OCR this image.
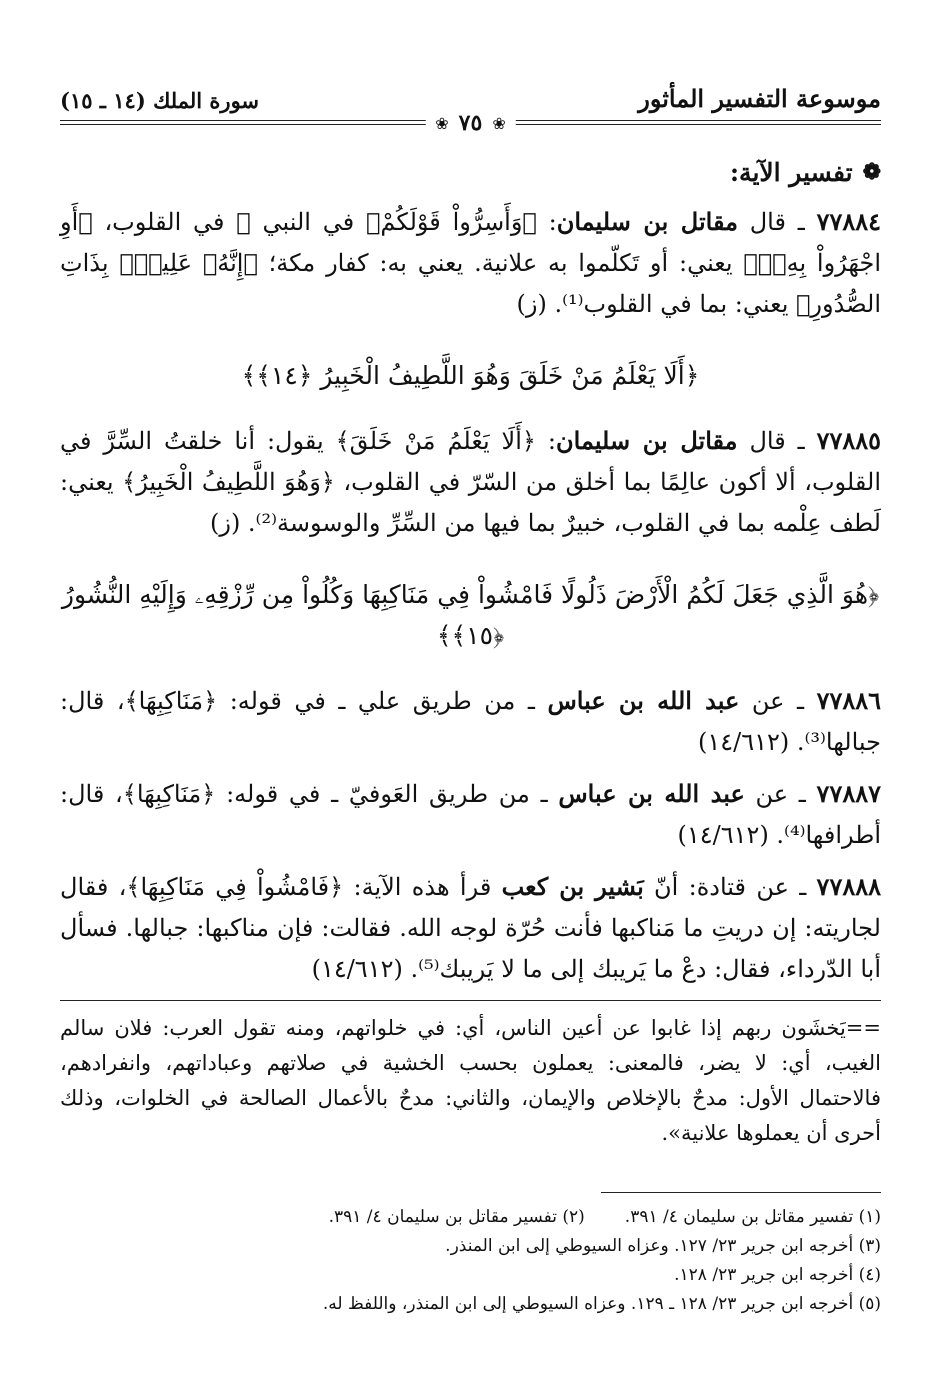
موسوعة التفسير المأثور
سورة الملك (١٤ ـ ١٥)
❀ ٧٥ ❀
❁
تفسير الآية:

٧٧٨٨٤ ـ قال مقاتل بن سليمان: ﴿وَأَسِرُّواْ قَوْلَكُمْ﴾ في النبي ﷺ في القلوب، ﴿أَوِ اجْهَرُواْ بِهِۦٓ﴾ يعني: أو تَكلّموا به علانية. يعني به: كفار مكة؛ ﴿إِنَّهُۥ عَلِيمُۢ بِذَاتِ الصُّدُورِ﴾ يعني: بما في القلوب⁽¹⁾. (ز)

﴿أَلَا يَعْلَمُ مَنْ خَلَقَ وَهُوَ اللَّطِيفُ الْخَبِيرُ ﴿١٤﴾﴾

٧٧٨٨٥ ـ قال مقاتل بن سليمان: ﴿أَلَا يَعْلَمُ مَنْ خَلَقَ﴾ يقول: أنا خلقتُ السِّرَّ في القلوب، ألا أكون عالِمًا بما أخلق من السّرّ في القلوب، ﴿وَهُوَ اللَّطِيفُ الْخَبِيرُ﴾ يعني: لَطف عِلْمه بما في القلوب، خبيرٌ بما فيها من السِّرِّ والوسوسة⁽²⁾. (ز)

﴿هُوَ الَّذِي جَعَلَ لَكُمُ الْأَرْضَ ذَلُولًا فَامْشُواْ فِي مَنَاكِبِهَا وَكُلُواْ مِن رِّزْقِهِۦ وَإِلَيْهِ النُّشُورُ ﴿١٥﴾﴾

٧٧٨٨٦ ـ عن عبد الله بن عباس ـ من طريق علي ـ في قوله: ﴿مَنَاكِبِهَا﴾، قال: جبالها⁽³⁾. (١٤/٦١٢)

٧٧٨٨٧ ـ عن عبد الله بن عباس ـ من طريق العَوفيّ ـ في قوله: ﴿مَنَاكِبِهَا﴾، قال: أطرافها⁽⁴⁾. (١٤/٦١٢)

٧٧٨٨٨ ـ عن قتادة: أنّ بَشير بن كعب قرأ هذه الآية: ﴿فَامْشُواْ فِي مَنَاكِبِهَا﴾، فقال لجاريته: إن دريتِ ما مَناكبها فأنت حُرّة لوجه الله. فقالت: فإن مناكبها: جبالها. فسأل أبا الدّرداء، فقال: دعْ ما يَريبك إلى ما لا يَريبك⁽⁵⁾. (١٤/٦١٢)

==يَخشَون ربهم إذا غابوا عن أعين الناس، أي: في خلواتهم، ومنه تقول العرب: فلان سالم الغيب، أي: لا يضر، فالمعنى: يعملون بحسب الخشية في صلاتهم وعباداتهم، وانفرادهم، فالاحتمال الأول: مدحٌ بالإخلاص والإيمان، والثاني: مدحٌ بالأعمال الصالحة في الخلوات، وذلك أحرى أن يعملوها علانية».
(١) تفسير مقاتل بن سليمان ٤/ ٣٩١.
(٢) تفسير مقاتل بن سليمان ٤/ ٣٩١.
(٣) أخرجه ابن جرير ٢٣/ ١٢٧. وعزاه السيوطي إلى ابن المنذر.
(٤) أخرجه ابن جرير ٢٣/ ١٢٨.
(٥) أخرجه ابن جرير ٢٣/ ١٢٨ ـ ١٢٩. وعزاه السيوطي إلى ابن المنذر، واللفظ له.
